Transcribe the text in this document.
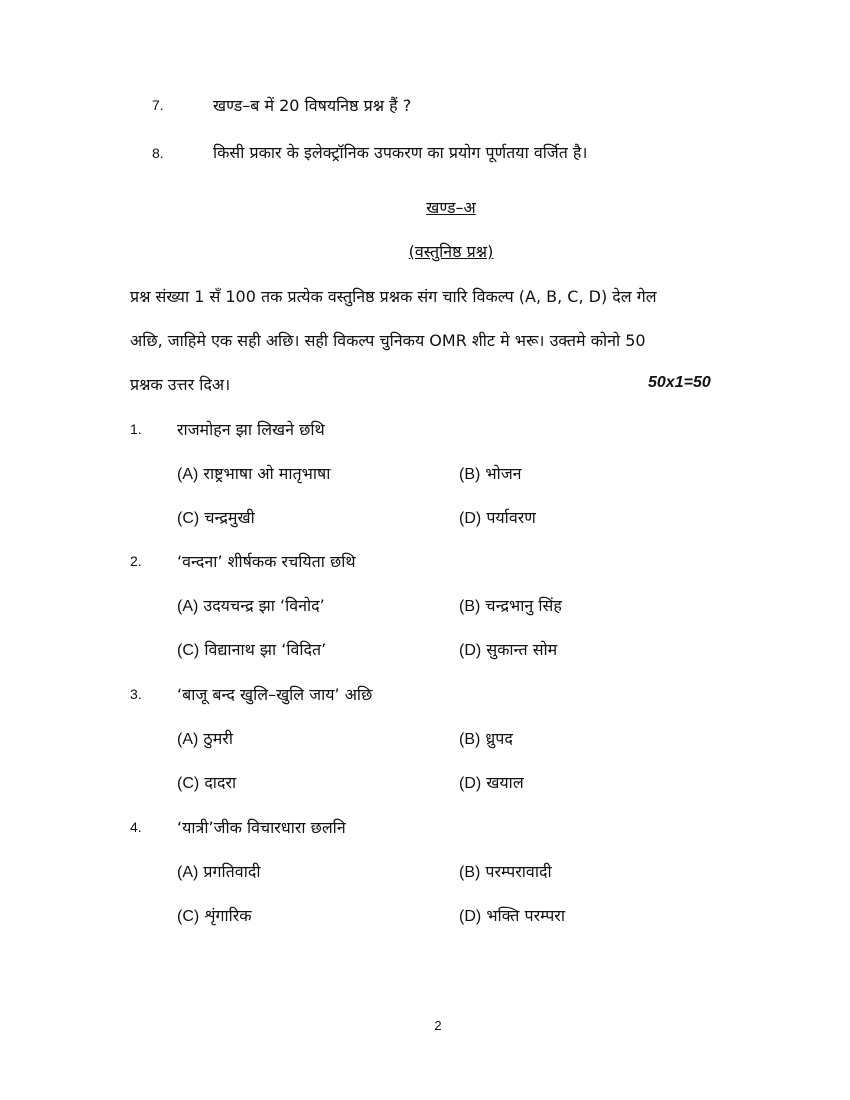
7.	खण्ड–ब में 20 विषयनिष्ठ प्रश्न हैं ?
8.	किसी प्रकार के इलेक्ट्रॉनिक उपकरण का प्रयोग पूर्णतया वर्जित है।
खण्ड–अ
(वस्तुनिष्ठ प्रश्न)
प्रश्न संख्या 1 सँ 100 तक प्रत्येक वस्तुनिष्ठ प्रश्नक संग चारि विकल्प (A, B, C, D) देल गेल
अछि, जाहिमे एक सही अछि। सही विकल्प चुनिकय OMR शीट मे भरू। उक्तमे कोनो 50
प्रश्नक उत्तर दिअ।	50x1=50
1. राजमोहन झा लिखने छथि
(A) राष्ट्रभाषा ओ मातृभाषा	(B) भोजन
(C) चन्द्रमुखी	(D) पर्यावरण
2. ‘वन्दना’ शीर्षकक रचयिता छथि
(A) उदयचन्द्र झा ‘विनोद’	(B) चन्द्रभानु सिंह
(C) विद्यानाथ झा ‘विदित’	(D) सुकान्त सोम
3. ‘बाजू बन्द खुलि–खुलि जाय’ अछि
(A) ठुमरी	(B) ध्रुपद
(C) दादरा	(D) खयाल
4. ‘यात्री’जीक विचारधारा छलनि
(A) प्रगतिवादी	(B) परम्परावादी
(C) शृंगारिक	(D) भक्ति परम्परा
2
